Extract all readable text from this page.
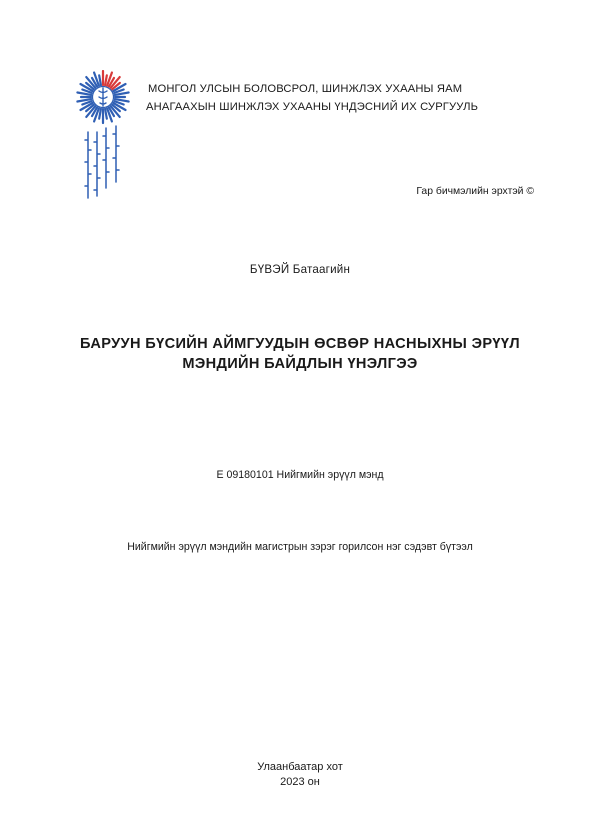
МОНГОЛ УЛСЫН БОЛОВСРОЛ, ШИНЖЛЭХ УХААНЫ ЯАМ
АНАГААХЫН ШИНЖЛЭХ УХААНЫ ҮНДЭСНИЙ ИХ СУРГУУЛЬ
Гар бичмэлийн эрхтэй ©
БҮВЭЙ Батаагийн
БАРУУН БҮСИЙН АЙМГУУДЫН ӨСВӨР НАСНЫХНЫ ЭРҮҮЛ
МЭНДИЙН БАЙДЛЫН ҮНЭЛГЭЭ
E 09180101 Нийгмийн эрүүл мэнд
Нийгмийн эрүүл мэндийн магистрын зэрэг горилсон нэг сэдэвт бүтээл
Улаанбаатар хот
2023 он
